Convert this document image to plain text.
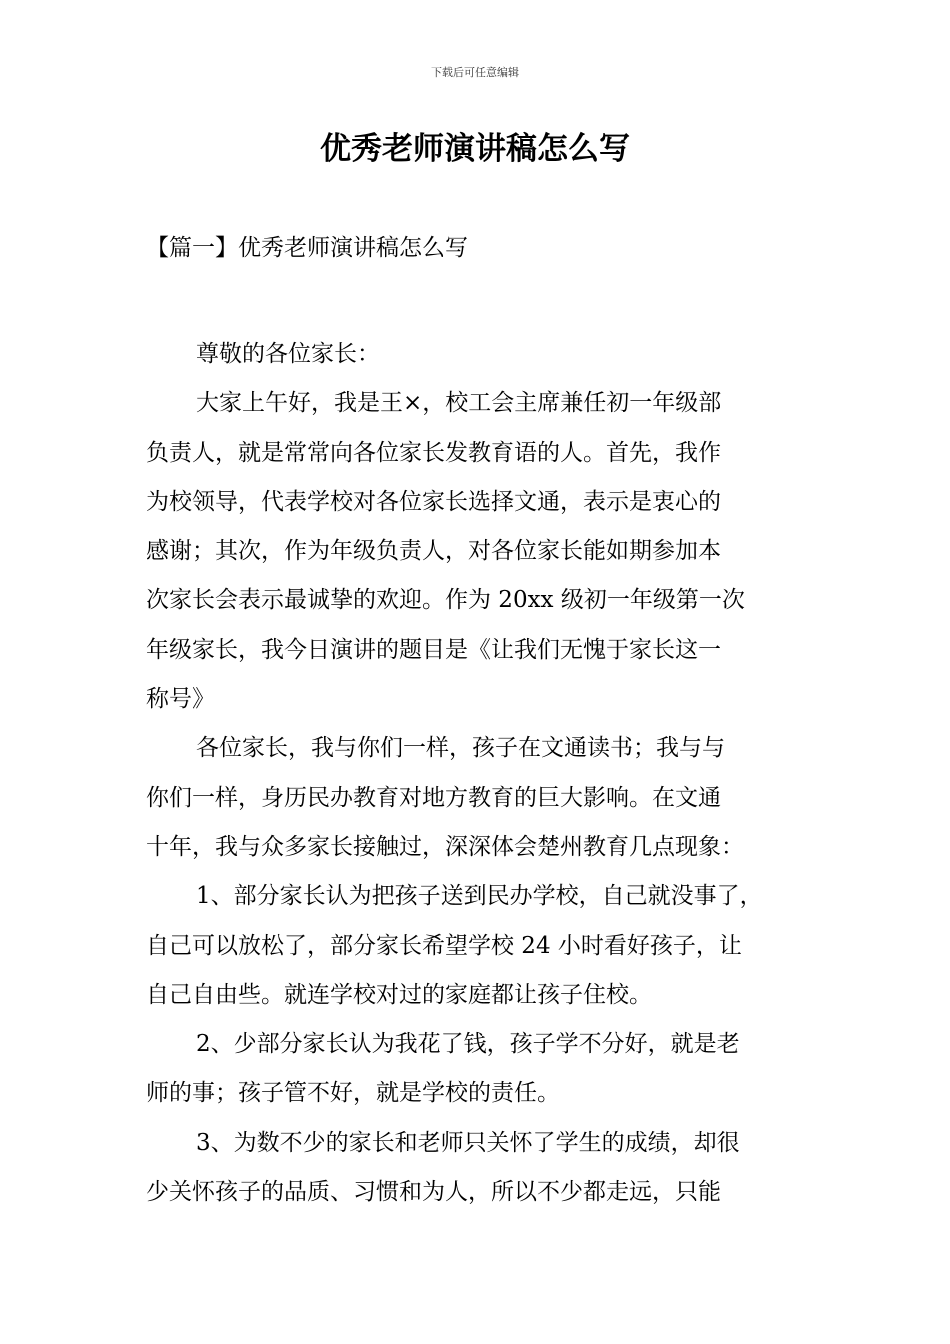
下载后可任意编辑
优秀老师演讲稿怎么写
【篇一】优秀老师演讲稿怎么写
尊敬的各位家长：
大家上午好，我是王×，校工会主席兼任初一年级部
负责人，就是常常向各位家长发教育语的人。首先，我作
为校领导，代表学校对各位家长选择文通，表示是衷心的
感谢；其次，作为年级负责人，对各位家长能如期参加本
次家长会表示最诚挚的欢迎。作为 20xx 级初一年级第一次
年级家长，我今日演讲的题目是《让我们无愧于家长这一
称号》
各位家长，我与你们一样，孩子在文通读书；我与与
你们一样，身历民办教育对地方教育的巨大影响。在文通
十年，我与众多家长接触过，深深体会楚州教育几点现象：
1、部分家长认为把孩子送到民办学校，自己就没事了，
自己可以放松了，部分家长希望学校 24 小时看好孩子，让
自己自由些。就连学校对过的家庭都让孩子住校。
2、少部分家长认为我花了钱，孩子学不分好，就是老
师的事；孩子管不好，就是学校的责任。
3、为数不少的家长和老师只关怀了学生的成绩，却很
少关怀孩子的品质、习惯和为人，所以不少都走远，只能
